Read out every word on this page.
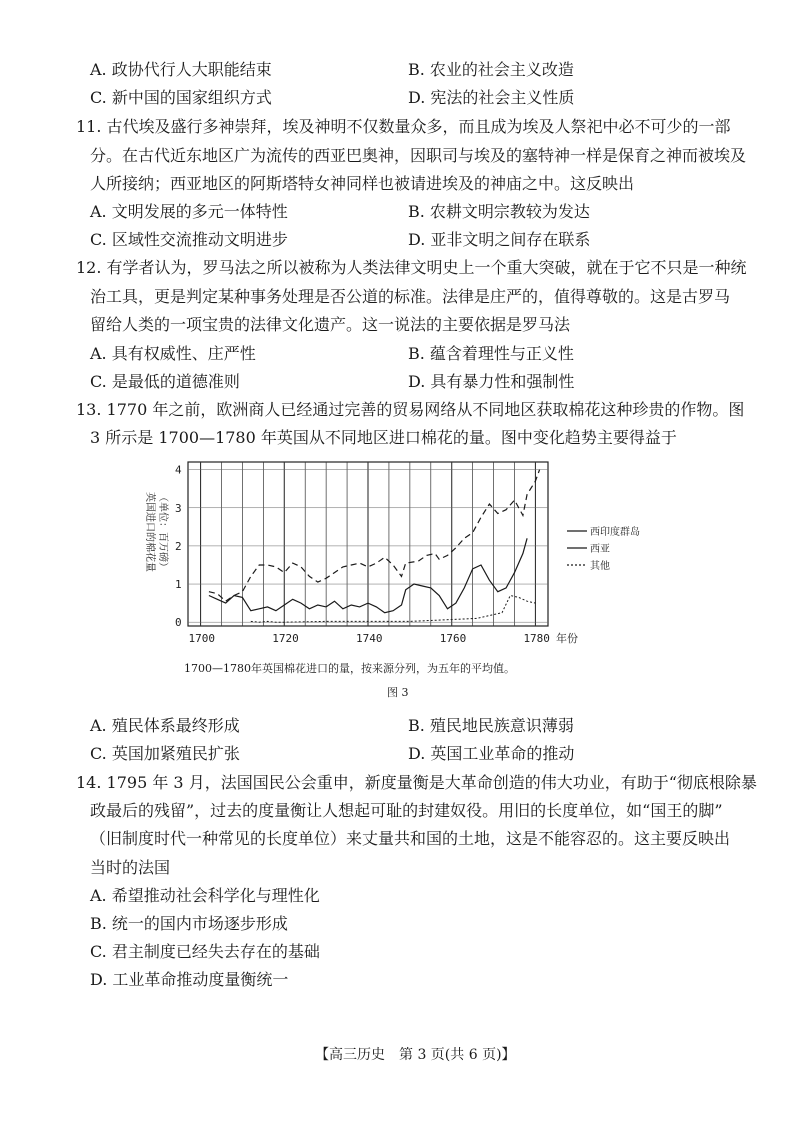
A. 政协代行人大职能结束	B. 农业的社会主义改造
C. 新中国的国家组织方式	D. 宪法的社会主义性质
11. 古代埃及盛行多神崇拜，埃及神明不仅数量众多，而且成为埃及人祭祀中必不可少的一部
分。在古代近东地区广为流传的西亚巴奥神，因职司与埃及的塞特神一样是保育之神而被埃及
人所接纳；西亚地区的阿斯塔特女神同样也被请进埃及的神庙之中。这反映出
A. 文明发展的多元一体特性	B. 农耕文明宗教较为发达
C. 区域性交流推动文明进步	D. 亚非文明之间存在联系
12. 有学者认为，罗马法之所以被称为人类法律文明史上一个重大突破，就在于它不只是一种统
治工具，更是判定某种事务处理是否公道的标准。法律是庄严的，值得尊敬的。这是古罗马
留给人类的一项宝贵的法律文化遗产。这一说法的主要依据是罗马法
A. 具有权威性、庄严性	B. 蕴含着理性与正义性
C. 是最低的道德准则	D. 具有暴力性和强制性
13. 1770 年之前，欧洲商人已经通过完善的贸易网络从不同地区获取棉花这种珍贵的作物。图
3 所示是 1700—1780 年英国从不同地区进口棉花的量。图中变化趋势主要得益于
1700	1720	1740	1760	1780
0
1
2
3
4
英国进口的棉花量 （单位：百万磅）
年份
西印度群岛
西亚
其他
1700—1780年英国棉花进口的量，按来源分列，为五年的平均值。
图 3
A. 殖民体系最终形成	B. 殖民地民族意识薄弱
C. 英国加紧殖民扩张	D. 英国工业革命的推动
14. 1795 年 3 月，法国国民公会重申，新度量衡是大革命创造的伟大功业，有助于“彻底根除暴
政最后的残留”，过去的度量衡让人想起可耻的封建奴役。用旧的长度单位，如“国王的脚”
（旧制度时代一种常见的长度单位）来丈量共和国的土地，这是不能容忍的。这主要反映出
当时的法国
A. 希望推动社会科学化与理性化
B. 统一的国内市场逐步形成
C. 君主制度已经失去存在的基础
D. 工业革命推动度量衡统一
【高三历史　第 3 页(共 6 页)】
